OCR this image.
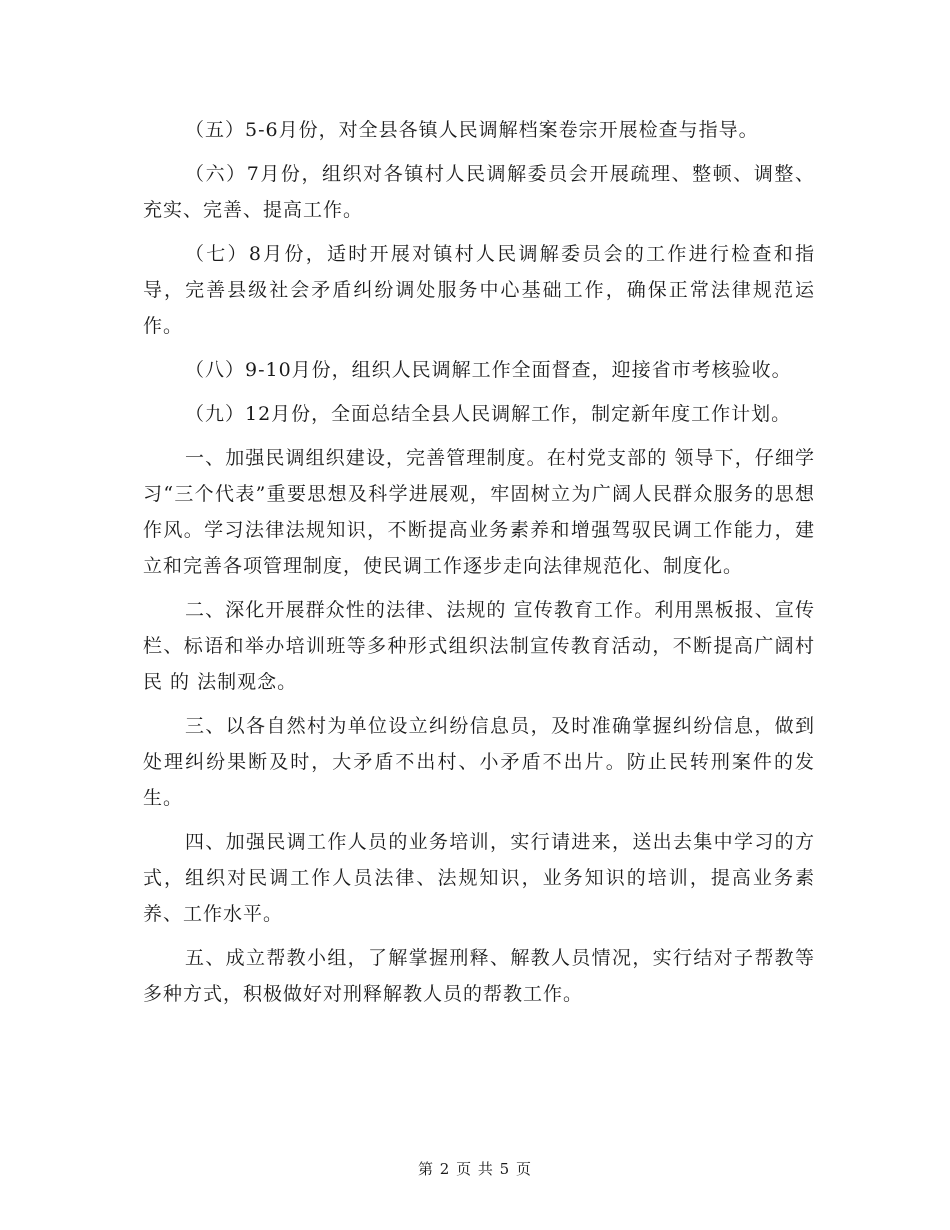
（五）5-6月份，对全县各镇人民调解档案卷宗开展检查与指导。

（六）7月份，组织对各镇村人民调解委员会开展疏理、整顿、调整、充实、完善、提高工作。

（七）8月份，适时开展对镇村人民调解委员会的工作进行检查和指导，完善县级社会矛盾纠纷调处服务中心基础工作，确保正常法律规范运作。

（八）9-10月份，组织人民调解工作全面督查，迎接省市考核验收。

（九）12月份，全面总结全县人民调解工作，制定新年度工作计划。

一、加强民调组织建设，完善管理制度。在村党支部的 领导下，仔细学习“三个代表”重要思想及科学进展观，牢固树立为广阔人民群众服务的思想作风。学习法律法规知识，不断提高业务素养和增强驾驭民调工作能力，建立和完善各项管理制度，使民调工作逐步走向法律规范化、制度化。

二、深化开展群众性的法律、法规的 宣传教育工作。利用黑板报、宣传栏、标语和举办培训班等多种形式组织法制宣传教育活动，不断提高广阔村民 的 法制观念。

三、以各自然村为单位设立纠纷信息员，及时准确掌握纠纷信息，做到处理纠纷果断及时，大矛盾不出村、小矛盾不出片。防止民转刑案件的发生。

四、加强民调工作人员的业务培训，实行请进来，送出去集中学习的方式，组织对民调工作人员法律、法规知识，业务知识的培训，提高业务素养、工作水平。

五、成立帮教小组，了解掌握刑释、解教人员情况，实行结对子帮教等多种方式，积极做好对刑释解教人员的帮教工作。

第 2 页 共 5 页
